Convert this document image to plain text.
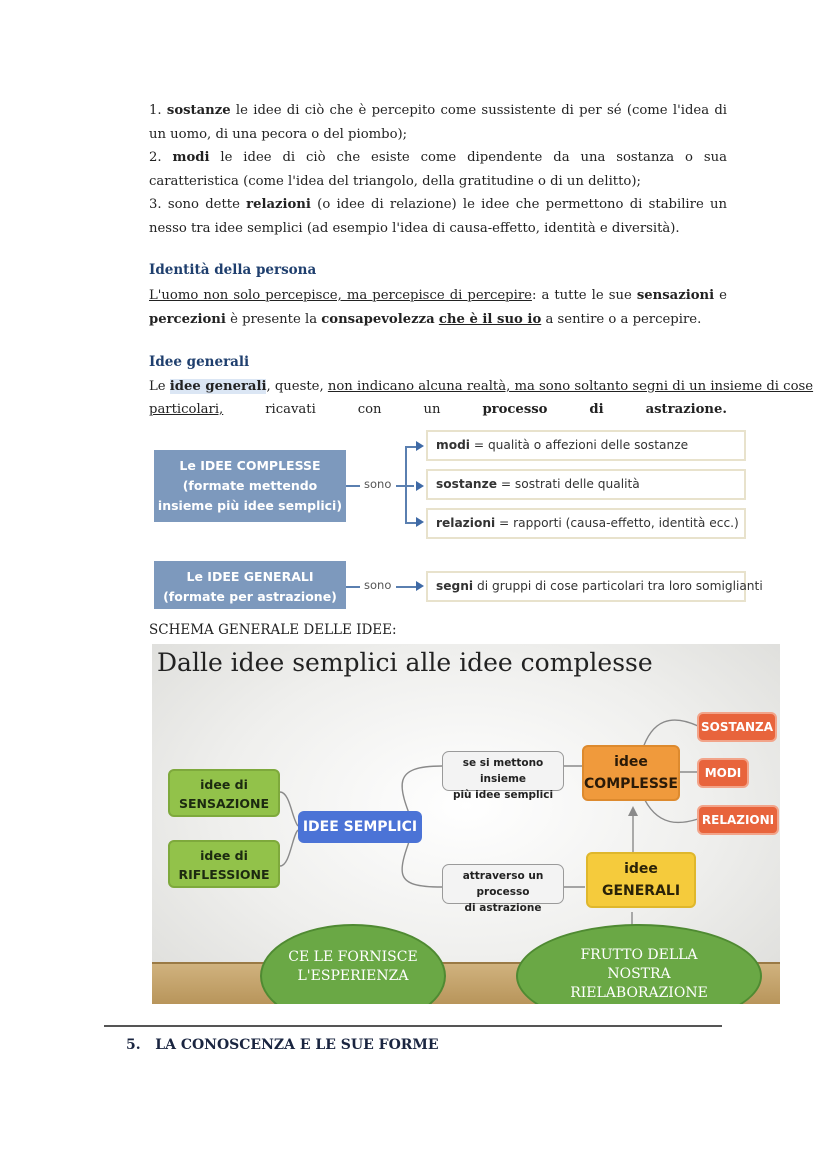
1. sostanze le idee di ciò che è percepito come sussistente di per sé (come l'idea di un uomo, di una pecora o del piombo);
2. modi le idee di ciò che esiste come dipendente da una sostanza o sua caratteristica (come l'idea del triangolo, della gratitudine o di un delitto);
3. sono dette relazioni (o idee di relazione) le idee che permettono di stabilire un nesso tra idee semplici (ad esempio l'idea di causa-effetto, identità e diversità).
Identità della persona
L'uomo non solo percepisce, ma percepisce di percepire: a tutte le sue sensazioni e percezioni è presente la consapevolezza che è il suo io a sentire o a percepire.
Idee generali
Le idee generali, queste, non indicano alcuna realtà, ma sono soltanto segni di un insieme di cose
particolari,	ricavati	con	un	processo	di	astrazione.
Le IDEE COMPLESSE
(formate mettendo
insieme più idee semplici)
sono
modi = qualità o affezioni delle sostanze
sostanze = sostrati delle qualità
relazioni = rapporti (causa-effetto, identità ecc.)
Le IDEE GENERALI
(formate per astrazione)
sono	segni di gruppi di cose particolari tra loro somiglianti
SCHEMA GENERALE DELLE IDEE:
Dalle idee semplici alle idee complesse
idee di
SENSAZIONE
idee di
RIFLESSIONE
IDEE SEMPLICI
se si mettono insieme
più idee semplici
attraverso un processo
di astrazione
idee
COMPLESSE
idee
GENERALI
SOSTANZA
MODI
RELAZIONI
CE LE FORNISCE
L'ESPERIENZA
FRUTTO DELLA
NOSTRA
RIELABORAZIONE
5. LA CONOSCENZA E LE SUE FORME
